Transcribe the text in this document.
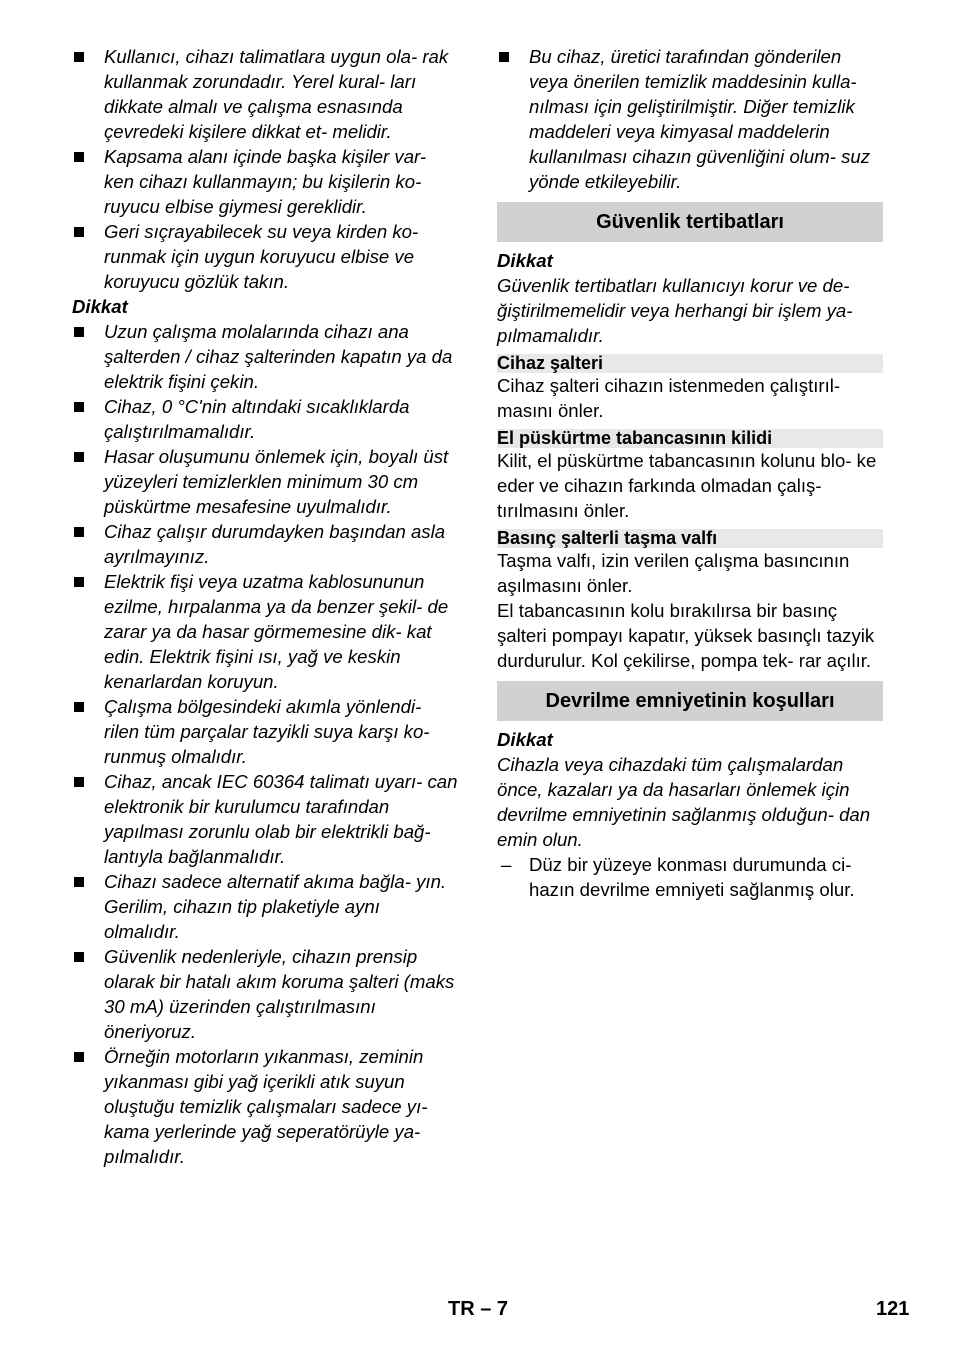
Kullanıcı, cihazı talimatlara uygun ola- rak kullanmak zorundadır. Yerel kural- ları dikkate almalı ve çalışma esnasında çevredeki kişilere dikkat et- melidir.
Kapsama alanı içinde başka kişiler var- ken cihazı kullanmayın; bu kişilerin ko- ruyucu elbise giymesi gereklidir.
Geri sıçrayabilecek su veya kirden ko- runmak için uygun koruyucu elbise ve koruyucu gözlük takın.
Dikkat
Uzun çalışma molalarında cihazı ana şalterden / cihaz şalterinden kapatın ya da elektrik fişini çekin.
Cihaz, 0 °C'nin altındaki sıcaklıklarda çalıştırılmamalıdır.
Hasar oluşumunu önlemek için, boyalı üst yüzeyleri temizlerklen minimum 30 cm püskürtme mesafesine uyulmalıdır.
Cihaz çalışır durumdayken başından asla ayrılmayınız.
Elektrik fişi veya uzatma kablosununun ezilme, hırpalanma ya da benzer şekil- de zarar ya da hasar görmemesine dik- kat edin. Elektrik fişini ısı, yağ ve keskin kenarlardan koruyun.
Çalışma bölgesindeki akımla yönlendi- rilen tüm parçalar tazyikli suya karşı ko- runmuş olmalıdır.
Cihaz, ancak IEC 60364 talimatı uyarı- can elektronik bir kurulumcu tarafından yapılması zorunlu olab bir elektrikli bağ- lantıyla bağlanmalıdır.
Cihazı sadece alternatif akıma bağla- yın. Gerilim, cihazın tip plaketiyle aynı olmalıdır.
Güvenlik nedenleriyle, cihazın prensip olarak bir hatalı akım koruma şalteri (maks 30 mA) üzerinden çalıştırılmasını öneriyoruz.
Örneğin motorların yıkanması, zeminin yıkanması gibi yağ içerikli atık suyun oluştuğu temizlik çalışmaları sadece yı- kama yerlerinde yağ seperatörüyle ya- pılmalıdır.
Bu cihaz, üretici tarafından gönderilen veya önerilen temizlik maddesinin kulla- nılması için geliştirilmiştir. Diğer temizlik maddeleri veya kimyasal maddelerin kullanılması cihazın güvenliğini olum- suz yönde etkileyebilir.
Güvenlik tertibatları
Dikkat

Güvenlik tertibatları kullanıcıyı korur ve de- ğiştirilmemelidir veya herhangi bir işlem ya- pılmamalıdır.

Cihaz şalteri

Cihaz şalteri cihazın istenmeden çalıştırıl- masını önler.

El püskürtme tabancasının kilidi

Kilit, el püskürtme tabancasının kolunu blo- ke eder ve cihazın farkında olmadan çalış- tırılmasını önler.

Basınç şalterli taşma valfı

Taşma valfı, izin verilen çalışma basıncının aşılmasını önler.

El tabancasının kolu bırakılırsa bir basınç şalteri pompayı kapatır, yüksek basınçlı tazyik durdurulur. Kol çekilirse, pompa tek- rar açılır.

Devrilme emniyetinin koşulları
Dikkat

Cihazla veya cihazdaki tüm çalışmalardan önce, kazaları ya da hasarları önlemek için devrilme emniyetinin sağlanmış olduğun- dan emin olun.

– Düz bir yüzeye konması durumunda ci- hazın devrilme emniyeti sağlanmış olur.
TR – 7	121
